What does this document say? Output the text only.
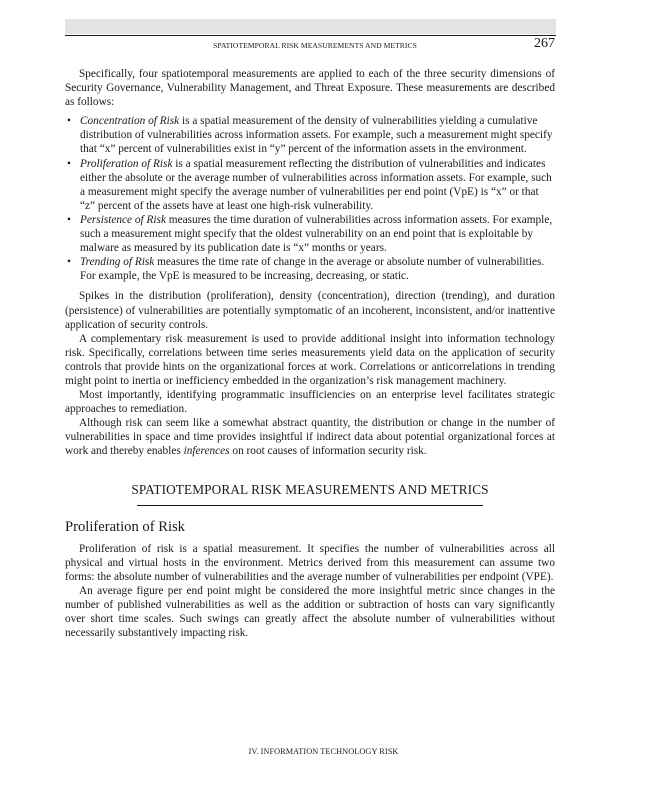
SPATIOTEMPORAL RISK MEASUREMENTS AND METRICS	267

Specifically, four spatiotemporal measurements are applied to each of the three security dimensions of Security Governance, Vulnerability Management, and Threat Exposure. These measurements are described as follows:

• Concentration of Risk is a spatial measurement of the density of vulnerabilities yielding a cumulative distribution of vulnerabilities across information assets. For example, such a measurement might specify that “x” percent of vulnerabilities exist in “y” percent of the information assets in the environment.
• Proliferation of Risk is a spatial measurement reflecting the distribution of vulnerabilities and indicates either the absolute or the average number of vulnerabilities across information assets. For example, such a measurement might specify the average number of vulnerabilities per end point (VpE) is “x” or that “z” percent of the assets have at least one high-risk vulnerability.
• Persistence of Risk measures the time duration of vulnerabilities across information assets. For example, such a measurement might specify that the oldest vulnerability on an end point that is exploitable by malware as measured by its publication date is “x” months or years.
• Trending of Risk measures the time rate of change in the average or absolute number of vulnerabilities. For example, the VpE is measured to be increasing, decreasing, or static.

Spikes in the distribution (proliferation), density (concentration), direction (trending), and duration (persistence) of vulnerabilities are potentially symptomatic of an incoherent, inconsistent, and/or inattentive application of security controls.

A complementary risk measurement is used to provide additional insight into information technology risk. Specifically, correlations between time series measurements yield data on the application of security controls that provide hints on the organizational forces at work. Correlations or anticorrelations in trending might point to inertia or inefficiency embedded in the organization’s risk management machinery.

Most importantly, identifying programmatic insufficiencies on an enterprise level facilitates strategic approaches to remediation.

Although risk can seem like a somewhat abstract quantity, the distribution or change in the number of vulnerabilities in space and time provides insightful if indirect data about potential organizational forces at work and thereby enables inferences on root causes of information security risk.

SPATIOTEMPORAL RISK MEASUREMENTS AND METRICS
Proliferation of Risk

Proliferation of risk is a spatial measurement. It specifies the number of vulnerabilities across all physical and virtual hosts in the environment. Metrics derived from this measurement can assume two forms: the absolute number of vulnerabilities and the average number of vulnerabilities per endpoint (VPE).

An average figure per end point might be considered the more insightful metric since changes in the number of published vulnerabilities as well as the addition or subtraction of hosts can vary significantly over short time scales. Such swings can greatly affect the absolute number of vulnerabilities without necessarily substantively impacting risk.

IV. INFORMATION TECHNOLOGY RISK
